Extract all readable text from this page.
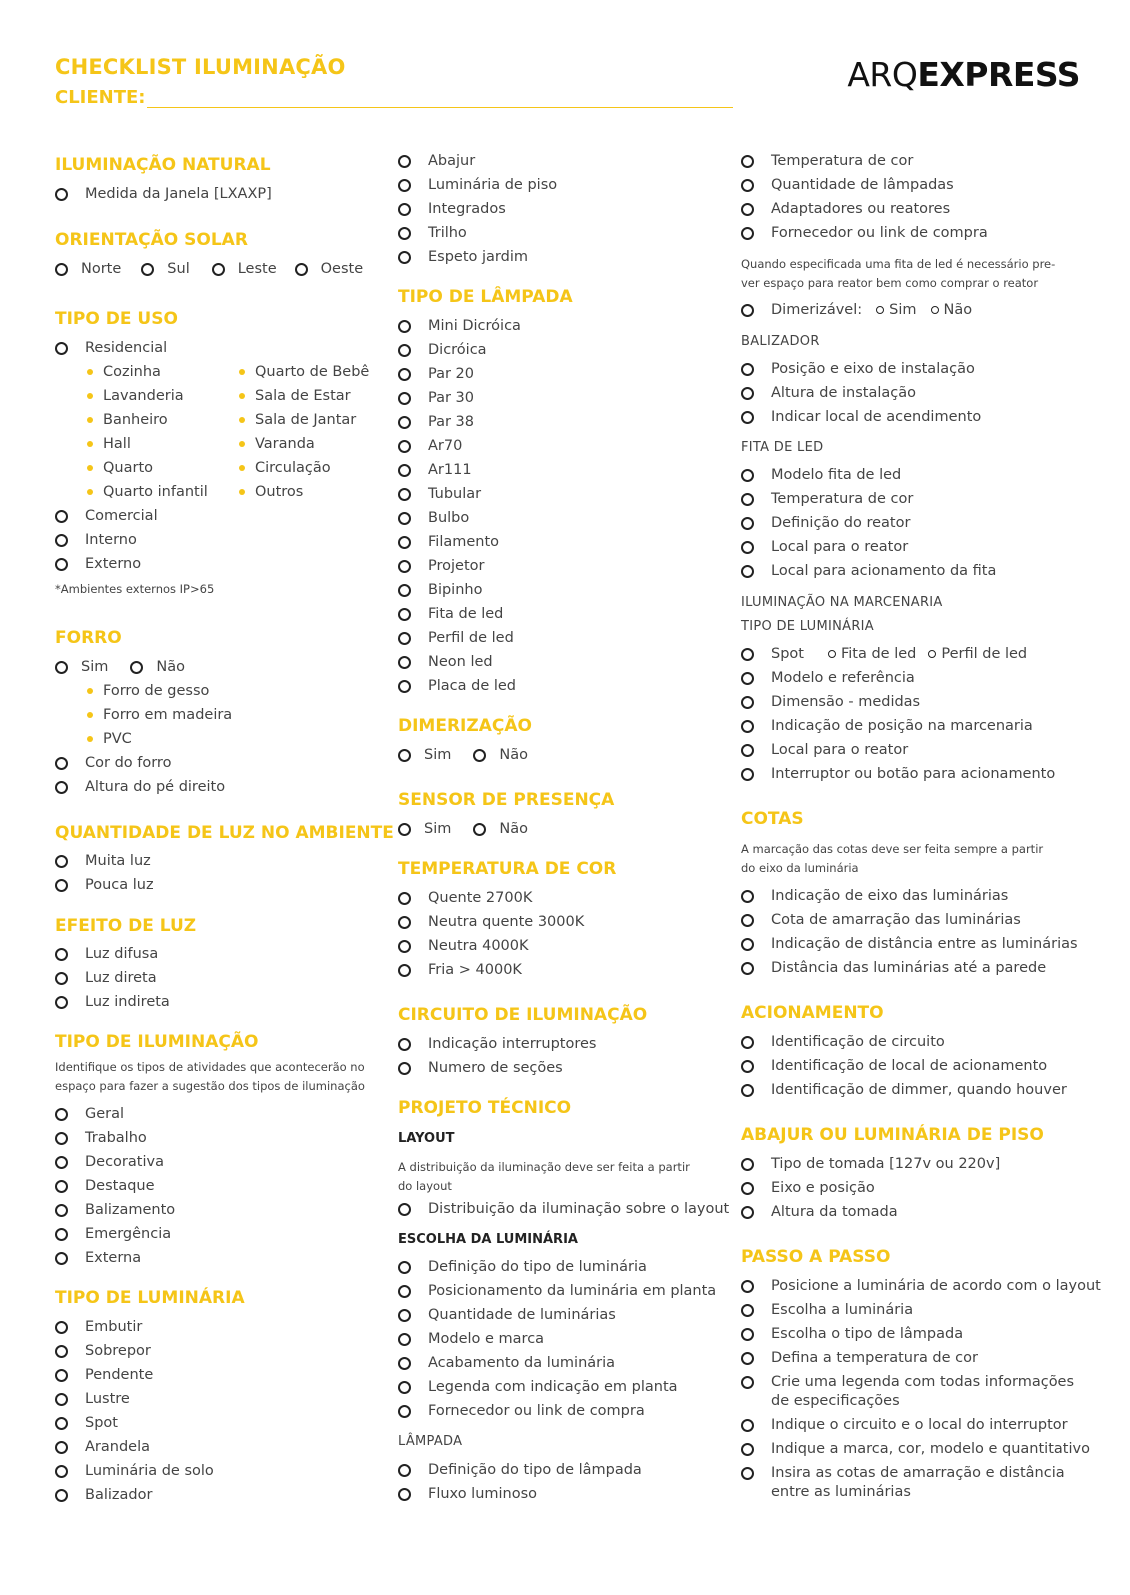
CHECKLIST ILUMINAÇÃO
CLIENTE:
ARQEXPRESS
ILUMINAÇÃO NATURAL
Medida da Janela [LXAXP]
ORIENTAÇÃO SOLAR
Norte	Sul	Leste	Oeste
TIPO DE USO
Residencial
Cozinha	Quarto de Bebê
Lavanderia	Sala de Estar
Banheiro	Sala de Jantar
Hall	Varanda
Quarto	Circulação
Quarto infantil	Outros
Comercial
Interno
Externo
*Ambientes externos IP>65
FORRO
Sim	Não
Forro de gesso
Forro em madeira
PVC
Cor do forro
Altura do pé direito
QUANTIDADE DE LUZ NO AMBIENTE
Muita luz
Pouca luz
EFEITO DE LUZ
Luz difusa
Luz direta
Luz indireta
TIPO DE ILUMINAÇÃO
Identifique os tipos de atividades que acontecerão no
espaço para fazer a sugestão dos tipos de iluminação
Geral
Trabalho
Decorativa
Destaque
Balizamento
Emergência
Externa
TIPO DE LUMINÁRIA
Embutir
Sobrepor
Pendente
Lustre
Spot
Arandela
Luminária de solo
Balizador
Abajur
Luminária de piso
Integrados
Trilho
Espeto jardim
TIPO DE LÂMPADA
Mini Dicróica
Dicróica
Par 20
Par 30
Par 38
Ar70
Ar111
Tubular
Bulbo
Filamento
Projetor
Bipinho
Fita de led
Perfil de led
Neon led
Placa de led
DIMERIZAÇÃO
Sim	Não
SENSOR DE PRESENÇA
Sim	Não
TEMPERATURA DE COR
Quente 2700K
Neutra quente 3000K
Neutra 4000K
Fria > 4000K
CIRCUITO DE ILUMINAÇÃO
Indicação interruptores
Numero de seções
PROJETO TÉCNICO
LAYOUT
A distribuição da iluminação deve ser feita a partir
do layout
Distribuição da iluminação sobre o layout
ESCOLHA DA LUMINÁRIA
Definição do tipo de luminária
Posicionamento da luminária em planta
Quantidade de luminárias
Modelo e marca
Acabamento da luminária
Legenda com indicação em planta
Fornecedor ou link de compra
LÂMPADA
Definição do tipo de lâmpada
Fluxo luminoso
Temperatura de cor
Quantidade de lâmpadas
Adaptadores ou reatores
Fornecedor ou link de compra
Quando especificada uma fita de led é necessário pre-
ver espaço para reator bem como comprar o reator
Dimerizável: Sim Não
BALIZADOR
Posição e eixo de instalação
Altura de instalação
Indicar local de acendimento
FITA DE LED
Modelo fita de led
Temperatura de cor
Definição do reator
Local para o reator
Local para acionamento da fita
ILUMINAÇÃO NA MARCENARIA
TIPO DE LUMINÁRIA
Spot	Fita de led Perfil de led
Modelo e referência
Dimensão - medidas
Indicação de posição na marcenaria
Local para o reator
Interruptor ou botão para acionamento
COTAS
A marcação das cotas deve ser feita sempre a partir
do eixo da luminária
Indicação de eixo das luminárias
Cota de amarração das luminárias
Indicação de distância entre as luminárias
Distância das luminárias até a parede
ACIONAMENTO
Identificação de circuito
Identificação de local de acionamento
Identificação de dimmer, quando houver
ABAJUR OU LUMINÁRIA DE PISO
Tipo de tomada [127v ou 220v]
Eixo e posição
Altura da tomada
PASSO A PASSO
Posicione a luminária de acordo com o layout
Escolha a luminária
Escolha o tipo de lâmpada
Defina a temperatura de cor
Crie uma legenda com todas informações
de especificações
Indique o circuito e o local do interruptor
Indique a marca, cor, modelo e quantitativo
Insira as cotas de amarração e distância
entre as luminárias
